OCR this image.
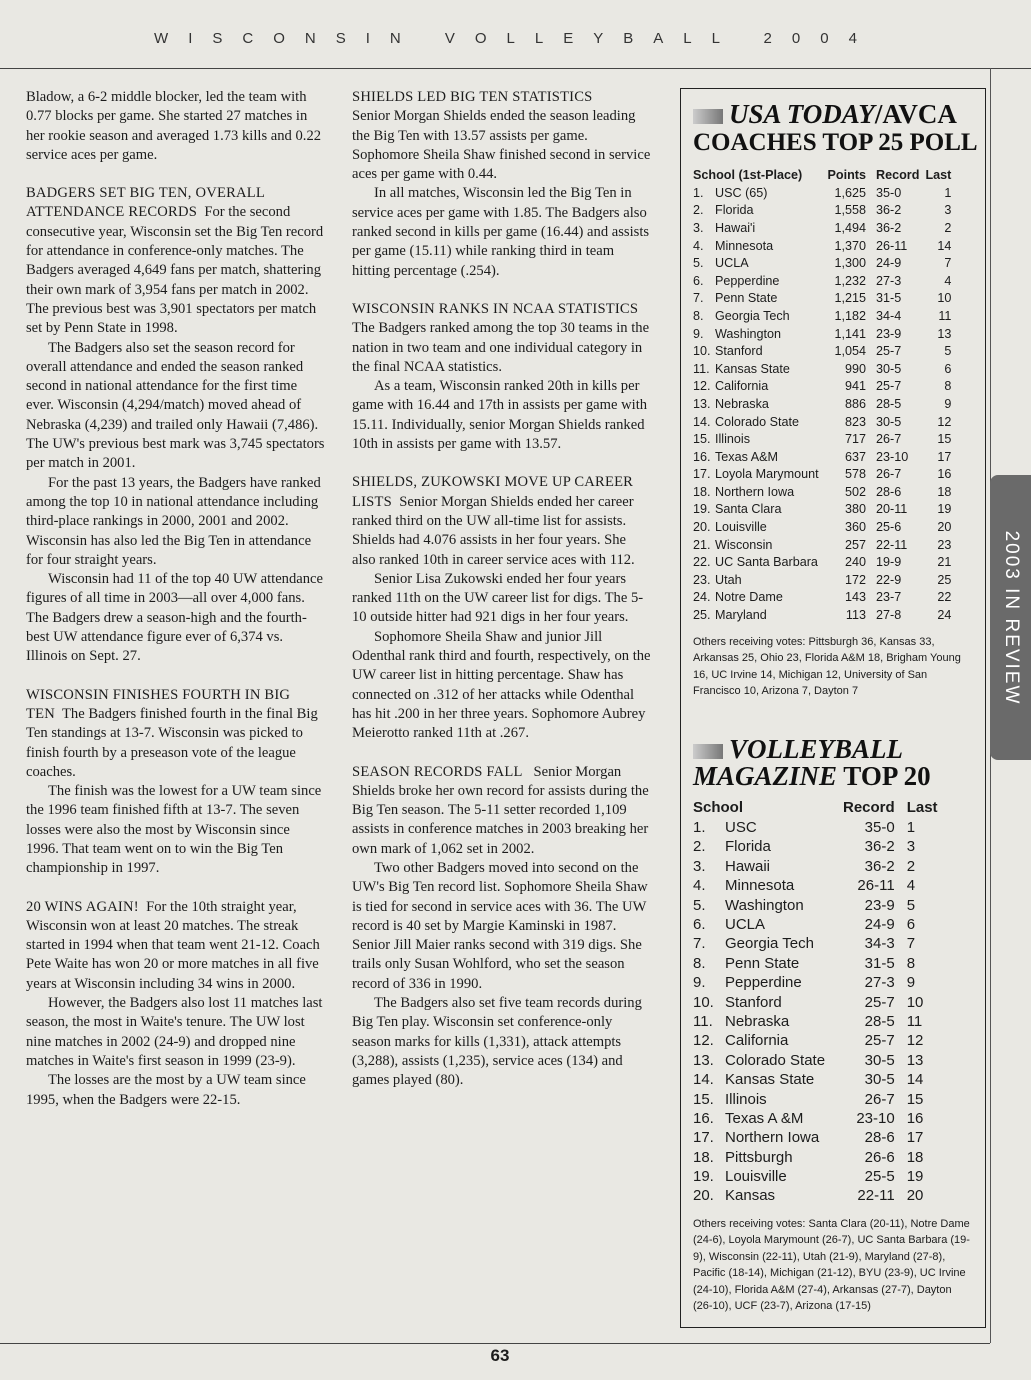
WISCONSIN VOLLEYBALL 2004

Bladow, a 6-2 middle blocker, led the team with 0.77 blocks per game. She started 27 matches in her rookie season and averaged 1.73 kills and 0.22 service aces per game.

BADGERS SET BIG TEN, OVERALL ATTENDANCE RECORDS For the second consecutive year, Wisconsin set the Big Ten record for attendance in conference-only matches. The Badgers averaged 4,649 fans per match, shattering their own mark of 3,954 fans per match in 2002. The previous best was 3,901 spectators per match set by Penn State in 1998.

The Badgers also set the season record for overall attendance and ended the season ranked second in national attendance for the first time ever. Wisconsin (4,294/match) moved ahead of Nebraska (4,239) and trailed only Hawaii (7,486). The UW's previous best mark was 3,745 spectators per match in 2001.

For the past 13 years, the Badgers have ranked among the top 10 in national attendance including third-place rankings in 2000, 2001 and 2002. Wisconsin has also led the Big Ten in attendance for four straight years.

Wisconsin had 11 of the top 40 UW attendance figures of all time in 2003—all over 4,000 fans. The Badgers drew a season-high and the fourth-best UW attendance figure ever of 6,374 vs. Illinois on Sept. 27.

WISCONSIN FINISHES FOURTH IN BIG TEN The Badgers finished fourth in the final Big Ten standings at 13-7. Wisconsin was picked to finish fourth by a preseason vote of the league coaches.

The finish was the lowest for a UW team since the 1996 team finished fifth at 13-7. The seven losses were also the most by Wisconsin since 1996. That team went on to win the Big Ten championship in 1997.

20 WINS AGAIN! For the 10th straight year, Wisconsin won at least 20 matches. The streak started in 1994 when that team went 21-12. Coach Pete Waite has won 20 or more matches in all five years at Wisconsin including 34 wins in 2000.

However, the Badgers also lost 11 matches last season, the most in Waite's tenure. The UW lost nine matches in 2002 (24-9) and dropped nine matches in Waite's first season in 1999 (23-9).

The losses are the most by a UW team since 1995, when the Badgers were 22-15.

SHIELDS LED BIG TEN STATISTICS
Senior Morgan Shields ended the season leading the Big Ten with 13.57 assists per game. Sophomore Sheila Shaw finished second in service aces per game with 0.44.

In all matches, Wisconsin led the Big Ten in service aces per game with 1.85. The Badgers also ranked second in kills per game (16.44) and assists per game (15.11) while ranking third in team hitting percentage (.254).

WISCONSIN RANKS IN NCAA STATISTICS  The Badgers ranked among the top 30 teams in the nation in two team and one individual category in the final NCAA statistics.

As a team, Wisconsin ranked 20th in kills per game with 16.44 and 17th in assists per game with 15.11. Individually, senior Morgan Shields ranked 10th in assists per game with 13.57.

SHIELDS, ZUKOWSKI MOVE UP CAREER LISTS Senior Morgan Shields ended her career ranked third on the UW all-time list for assists. Shields had 4.076 assists in her four years. She also ranked 10th in career service aces with 112.

Senior Lisa Zukowski ended her four years ranked 11th on the UW career list for digs. The 5-10 outside hitter had 921 digs in her four years.

Sophomore Sheila Shaw and junior Jill Odenthal rank third and fourth, respectively, on the UW career list in hitting percentage. Shaw has connected on .312 of her attacks while Odenthal has hit .200 in her three years. Sophomore Aubrey Meierotto ranked 11th at .267.

SEASON RECORDS FALL Senior Morgan Shields broke her own record for assists during the Big Ten season. The 5-11 setter recorded 1,109 assists in conference matches in 2003 breaking her own mark of 1,062 set in 2002.

Two other Badgers moved into second on the UW's Big Ten record list. Sophomore Sheila Shaw is tied for second in service aces with 36. The UW record is 40 set by Margie Kaminski in 1987. Senior Jill Maier ranks second with 319 digs. She trails only Susan Wohlford, who set the season record of 336 in 1990.

The Badgers also set five team records during Big Ten play. Wisconsin set conference-only season marks for kills (1,331), attack attempts (3,288), assists (1,235), service aces (134) and games played (80).

USA TODAY/AVCA
COACHES TOP 25 POLL
School (1st-Place)		Points	Record	Last
1.	USC (65)	1,625	35-0	1
2.	Florida	1,558	36-2	3
3.	Hawai'i	1,494	36-2	2
4.	Minnesota	1,370	26-11	14
5.	UCLA	1,300	24-9	7
6.	Pepperdine	1,232	27-3	4
7.	Penn State	1,215	31-5	10
8.	Georgia Tech	1,182	34-4	11
9.	Washington	1,141	23-9	13
10.	Stanford	1,054	25-7	5
11.	Kansas State	990	30-5	6
12.	California	941	25-7	8
13.	Nebraska	886	28-5	9
14.	Colorado State	823	30-5	12
15.	Illinois	717	26-7	15
16.	Texas A&M	637	23-10	17
17.	Loyola Marymount	578	26-7	16
18.	Northern Iowa	502	28-6	18
19.	Santa Clara	380	20-11	19
20.	Louisville	360	25-6	20
21.	Wisconsin	257	22-11	23
22.	UC Santa Barbara	240	19-9	21
23.	Utah	172	22-9	25
24.	Notre Dame	143	23-7	22
25.	Maryland	113	27-8	24

Others receiving votes: Pittsburgh 36, Kansas 33, Arkansas 25, Ohio 23, Florida A&M 18, Brigham Young 16, UC Irvine 14, Michigan 12, University of San Francisco 10, Arizona 7, Dayton 7

VOLLEYBALL
MAGAZINE TOP 20
School		Record	Last
1.	USC	35-0	1
2.	Florida	36-2	3
3.	Hawaii	36-2	2
4.	Minnesota	26-11	4
5.	Washington	23-9	5
6.	UCLA	24-9	6
7.	Georgia Tech	34-3	7
8.	Penn State	31-5	8
9.	Pepperdine	27-3	9
10.	Stanford	25-7	10
11.	Nebraska	28-5	11
12.	California	25-7	12
13.	Colorado State	30-5	13
14.	Kansas State	30-5	14
15.	Illinois	26-7	15
16.	Texas A &M	23-10	16
17.	Northern Iowa	28-6	17
18.	Pittsburgh	26-6	18
19.	Louisville	25-5	19
20.	Kansas	22-11	20

Others receiving votes: Santa Clara (20-11), Notre Dame (24-6), Loyola Marymount (26-7), UC Santa Barbara (19-9), Wisconsin (22-11), Utah (21-9), Maryland (27-8), Pacific (18-14), Michigan (21-12), BYU (23-9), UC Irvine (24-10), Florida A&M (27-4), Arkansas (27-7), Dayton (26-10), UCF (23-7), Arizona (17-15)

2003 IN REVIEW
63
